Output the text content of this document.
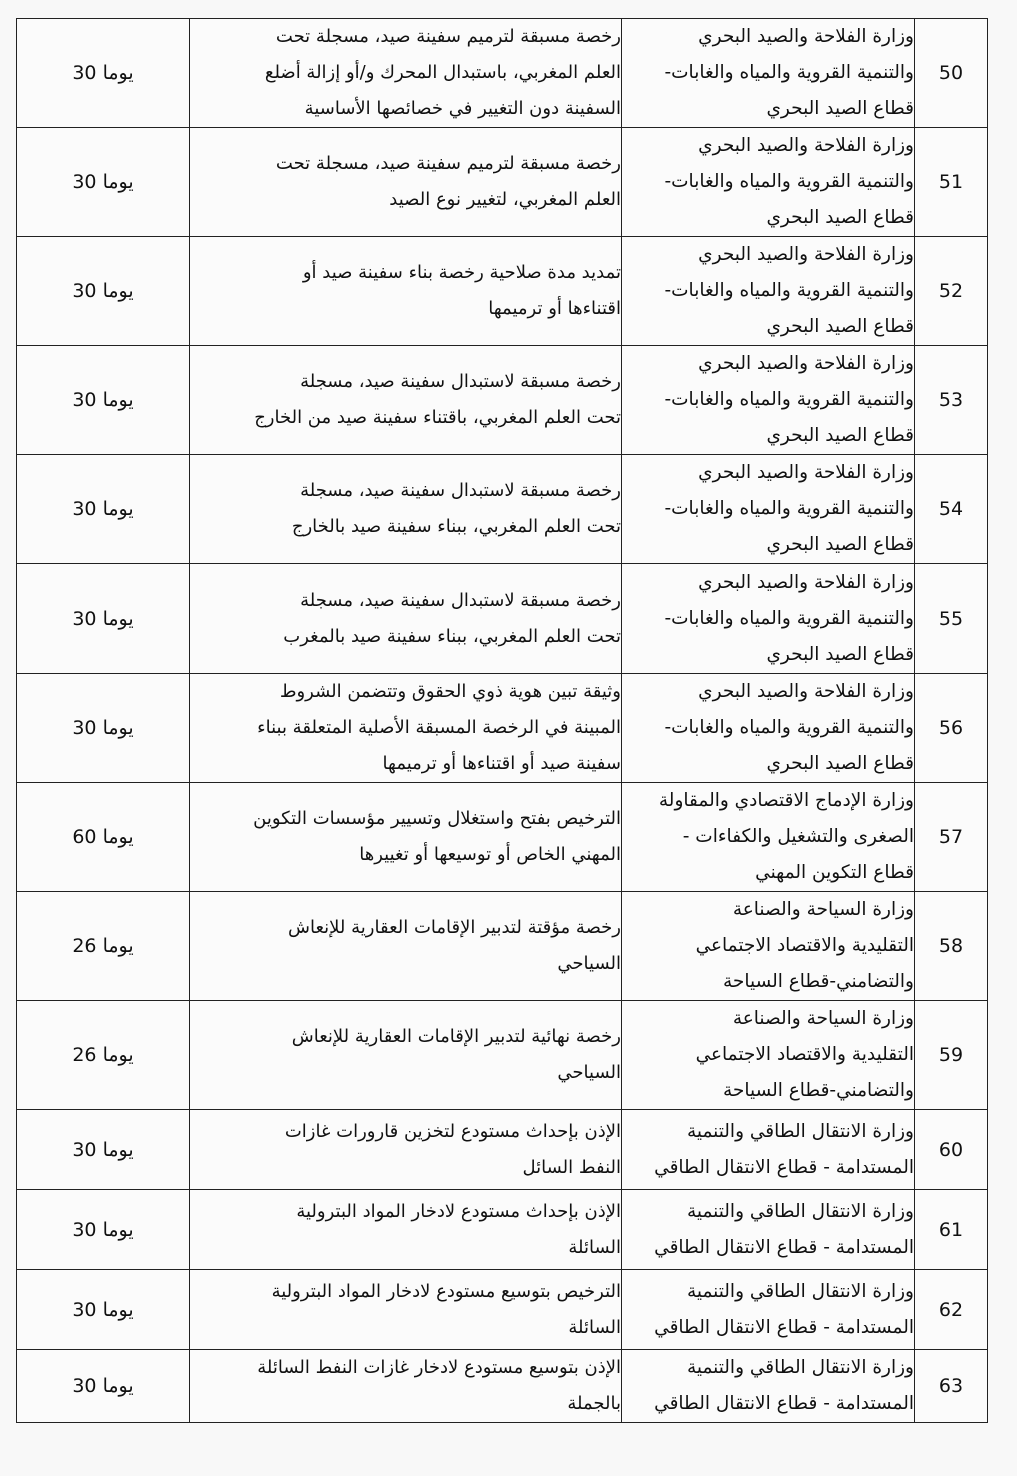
30 يوما	رخصة مسبقة لترميم سفينة صيد، مسجلة تحت
العلم المغربي، باستبدال المحرك و/أو إزالة أضلع
السفينة دون التغيير في خصائصها الأساسية	وزارة الفلاحة والصيد البحري
والتنمية القروية والمياه والغابات-
قطاع الصيد البحري	50
30 يوما	رخصة مسبقة لترميم سفينة صيد، مسجلة تحت
العلم المغربي، لتغيير نوع الصيد	وزارة الفلاحة والصيد البحري
والتنمية القروية والمياه والغابات-
قطاع الصيد البحري	51
30 يوما	تمديد مدة صلاحية رخصة بناء سفينة صيد أو
اقتناءها أو ترميمها	وزارة الفلاحة والصيد البحري
والتنمية القروية والمياه والغابات-
قطاع الصيد البحري	52
30 يوما	رخصة مسبقة لاستبدال سفينة صيد، مسجلة
تحت العلم المغربي، باقتناء سفينة صيد من الخارج	وزارة الفلاحة والصيد البحري
والتنمية القروية والمياه والغابات-
قطاع الصيد البحري	53
30 يوما	رخصة مسبقة لاستبدال سفينة صيد، مسجلة
تحت العلم المغربي، ببناء سفينة صيد بالخارج	وزارة الفلاحة والصيد البحري
والتنمية القروية والمياه والغابات-
قطاع الصيد البحري	54
30 يوما	رخصة مسبقة لاستبدال سفينة صيد، مسجلة
تحت العلم المغربي، ببناء سفينة صيد بالمغرب	وزارة الفلاحة والصيد البحري
والتنمية القروية والمياه والغابات-
قطاع الصيد البحري	55
30 يوما	وثيقة تبين هوية ذوي الحقوق وتتضمن الشروط
المبينة في الرخصة المسبقة الأصلية المتعلقة ببناء
سفينة صيد أو اقتناءها أو ترميمها	وزارة الفلاحة والصيد البحري
والتنمية القروية والمياه والغابات-
قطاع الصيد البحري	56
60 يوما	الترخيص بفتح واستغلال وتسيير مؤسسات التكوين
المهني الخاص أو توسيعها أو تغييرها	وزارة الإدماج الاقتصادي والمقاولة
الصغرى والتشغيل والكفاءات -
قطاع التكوين المهني	57
26 يوما	رخصة مؤقتة لتدبير الإقامات العقارية للإنعاش
السياحي	وزارة السياحة والصناعة
التقليدية والاقتصاد الاجتماعي
والتضامني-قطاع السياحة	58
26 يوما	رخصة نهائية لتدبير الإقامات العقارية للإنعاش
السياحي	وزارة السياحة والصناعة
التقليدية والاقتصاد الاجتماعي
والتضامني-قطاع السياحة	59
30 يوما	الإذن بإحداث مستودع لتخزين قارورات غازات
النفط السائل	وزارة الانتقال الطاقي والتنمية
المستدامة - قطاع الانتقال الطاقي	60
30 يوما	الإذن بإحداث مستودع لادخار المواد البترولية
السائلة	وزارة الانتقال الطاقي والتنمية
المستدامة - قطاع الانتقال الطاقي	61
30 يوما	الترخيص بتوسيع مستودع لادخار المواد البترولية
السائلة	وزارة الانتقال الطاقي والتنمية
المستدامة - قطاع الانتقال الطاقي	62
30 يوما	الإذن بتوسيع مستودع لادخار غازات النفط السائلة
بالجملة	وزارة الانتقال الطاقي والتنمية
المستدامة - قطاع الانتقال الطاقي	63
